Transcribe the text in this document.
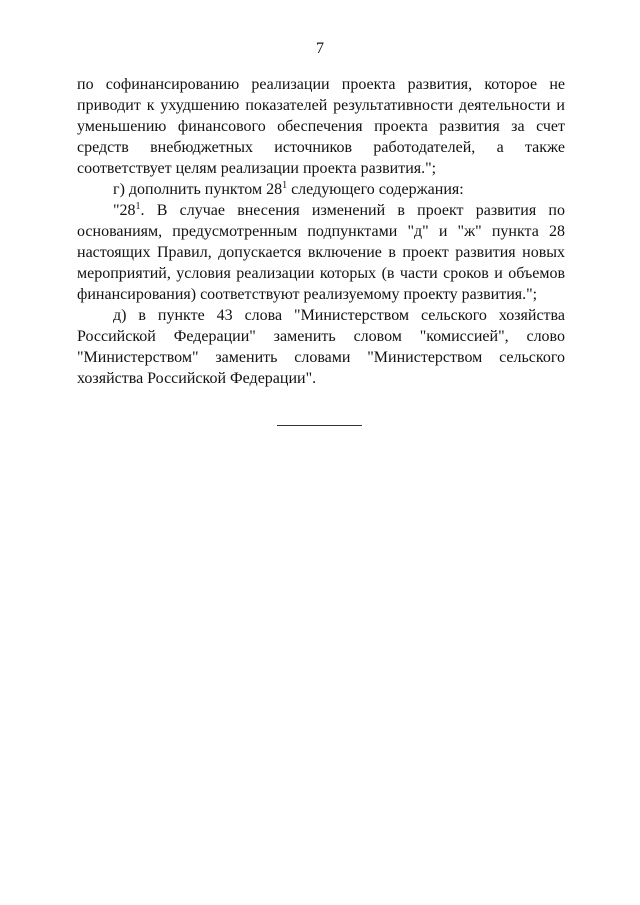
7

по софинансированию реализации проекта развития, которое не приводит к ухудшению показателей результативности деятельности и уменьшению финансового обеспечения проекта развития за счет средств внебюджетных источников работодателей, а также соответствует целям реализации проекта развития.";

г) дополнить пунктом $28^1$ следующего содержания:

"$28^1$. В случае внесения изменений в проект развития по основаниям, предусмотренным подпунктами "д" и "ж" пункта 28 настоящих Правил, допускается включение в проект развития новых мероприятий, условия реализации которых (в части сроков и объемов финансирования) соответствуют реализуемому проекту развития.";

д) в пункте 43 слова "Министерством сельского хозяйства Российской Федерации" заменить словом "комиссией", слово "Министерством" заменить словами "Министерством сельского хозяйства Российской Федерации".
